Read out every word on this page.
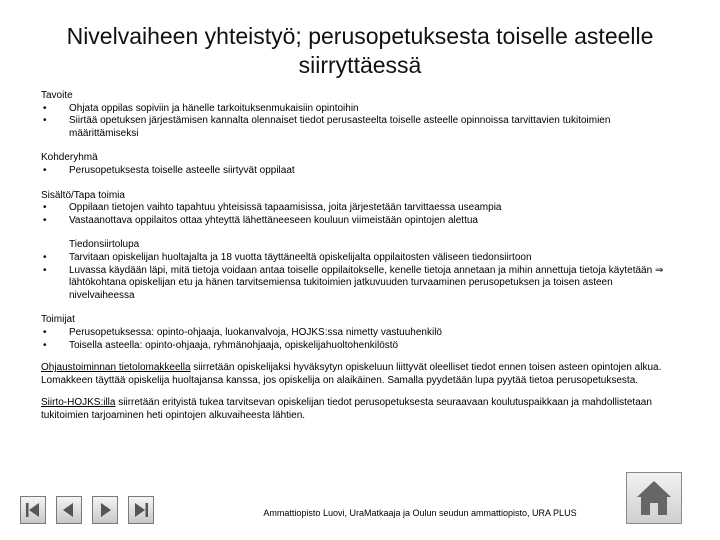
Nivelvaiheen yhteistyö; perusopetuksesta toiselle asteelle siirryttäessä
Tavoite
• Ohjata oppilas sopiviin ja hänelle tarkoituksenmukaisiin opintoihin
• Siirtää opetuksen järjestämisen kannalta olennaiset tiedot perusasteelta toiselle asteelle opinnoissa tarvittavien tukitoimien määrittämiseksi
Kohderyhmä
• Perusopetuksesta toiselle asteelle siirtyvät oppilaat
Sisältö/Tapa toimia
• Oppilaan tietojen vaihto tapahtuu yhteisissä tapaamisissa, joita järjestetään tarvittaessa useampia
• Vastaanottava oppilaitos ottaa yhteyttä lähettäneeseen kouluun viimeistään opintojen alettua
Tiedonsiirtolupa
• Tarvitaan opiskelijan huoltajalta ja 18 vuotta täyttäneeltä opiskelijalta oppilaitosten väliseen tiedonsiirtoon
• Luvassa käydään läpi, mitä tietoja voidaan antaa toiselle oppilaitokselle, kenelle tietoja annetaan ja mihin annettuja tietoja käytetään ⇒ lähtökohtana opiskelijan etu ja hänen tarvitsemiensa tukitoimien jatkuvuuden turvaaminen perusopetuksen ja toisen asteen nivelvaiheessa
Toimijat
• Perusopetuksessa: opinto-ohjaaja, luokanvalvoja, HOJKS:ssa nimetty vastuuhenkilö
• Toisella asteella: opinto-ohjaaja, ryhmänohjaaja, opiskelijahuoltohenkilöstö

Ohjaustoiminnan tietolomakkeella siirretään opiskelijaksi hyväksytyn opiskeluun liittyvät oleelliset tiedot ennen toisen asteen opintojen alkua. Lomakkeen täyttää opiskelija huoltajansa kanssa, jos opiskelija on alaikäinen. Samalla pyydetään lupa pyytää tietoa perusopetuksesta.

Siirto-HOJKS:illa siirretään erityistä tukea tarvitsevan opiskelijan tiedot perusopetuksesta seuraavaan koulutuspaikkaan ja mahdollistetaan tukitoimien tarjoaminen heti opintojen alkuvaiheesta lähtien.

Ammattiopisto Luovi, UraMatkaaja ja Oulun seudun ammattiopisto, URA PLUS
